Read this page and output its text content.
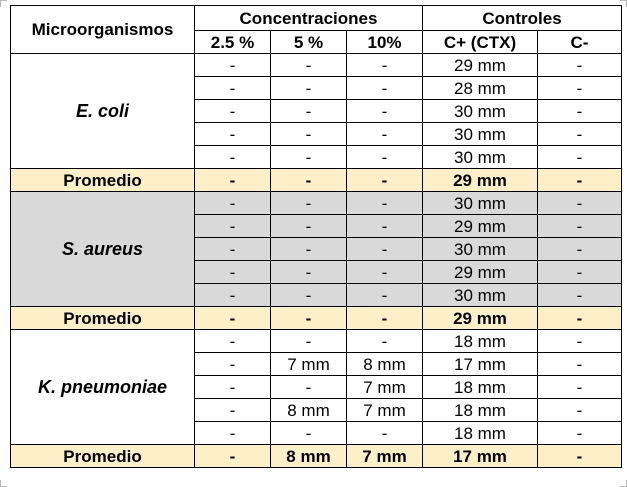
Microorganismos	Concentraciones			Controles	
	2.5 %	5 %	10%	C+ (CTX)	C-
E. coli	-	-	-	29 mm	-
	-	-	-	28 mm	-
	-	-	-	30 mm	-
	-	-	-	30 mm	-
	-	-	-	30 mm	-
Promedio	-	-	-	29 mm	-
S. aureus	-	-	-	30 mm	-
	-	-	-	29 mm	-
	-	-	-	30 mm	-
	-	-	-	29 mm	-
	-	-	-	30 mm	-
Promedio	-	-	-	29 mm	-
K. pneumoniae	-	-	-	18 mm	-
	-	7 mm	8 mm	17 mm	-
	-	-	7 mm	18 mm	-
	-	8 mm	7 mm	18 mm	-
	-	-	-	18 mm	-
Promedio	-	8 mm	7 mm	17 mm	-
